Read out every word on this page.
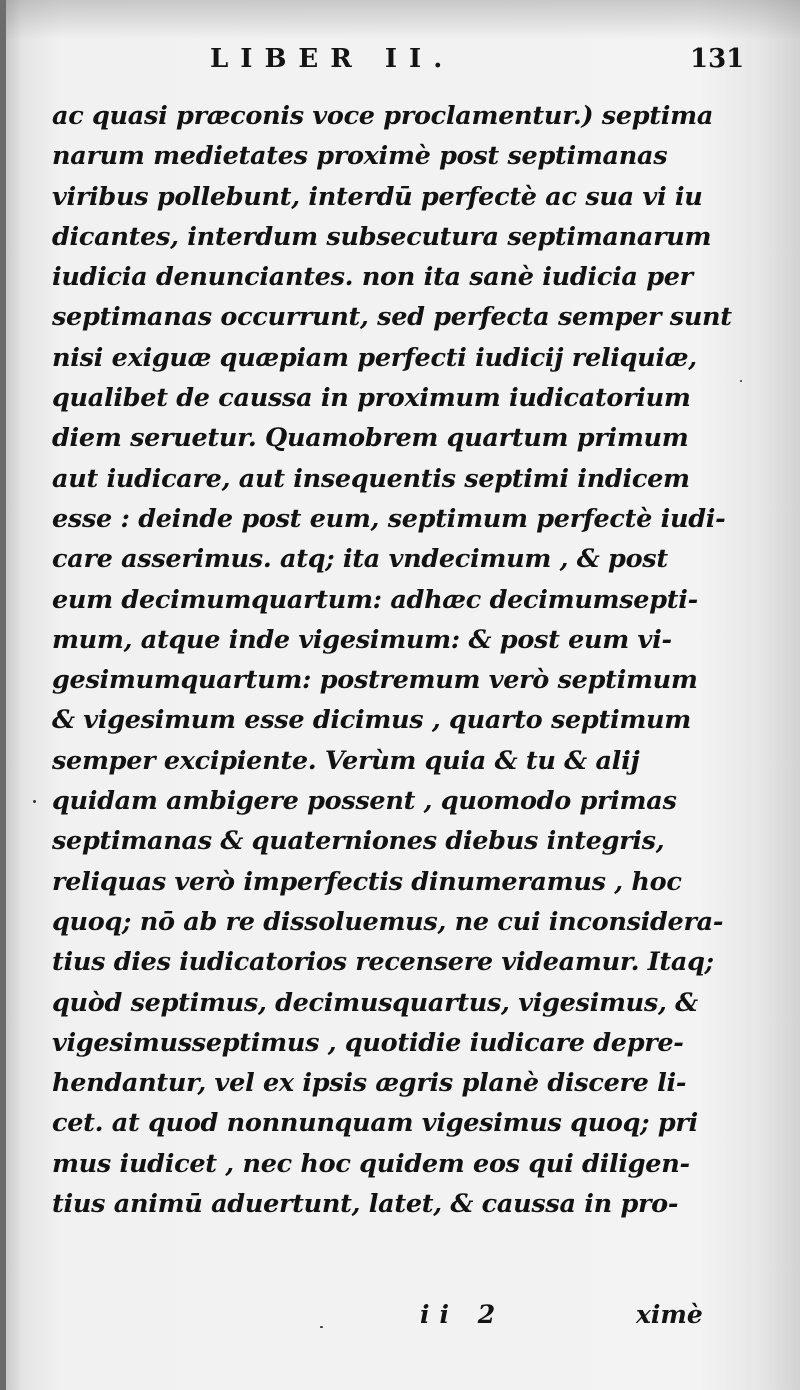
LIBER II.	131
ac quasi præconis voce proclamentur.) septima
narum medietates proximè post septimanas
viribus pollebunt, interdū perfectè ac sua vi iu
dicantes, interdum subsecutura septimanarum
iudicia denunciantes. non ita sanè iudicia per
septimanas occurrunt, sed perfecta semper sunt
nisi exiguæ quæpiam perfecti iudicij reliquiæ,
qualibet de caussa in proximum iudicatorium
diem seruetur. Quamobrem quartum primum
aut iudicare, aut insequentis septimi indicem
esse : deinde post eum, septimum perfectè iudi-
care asserimus. atq; ita vndecimum , & post
eum decimumquartum: adhæc decimumsepti-
mum, atque inde vigesimum: & post eum vi-
gesimumquartum: postremum verò septimum
& vigesimum esse dicimus , quarto septimum
semper excipiente. Verùm quia & tu & alij
quidam ambigere possent , quomodo primas
septimanas & quaterniones diebus integris,
reliquas verò imperfectis dinumeramus , hoc
quoq; nō ab re dissoluemus, ne cui inconsidera-
tius dies iudicatorios recensere videamur. Itaq;
quòd septimus, decimusquartus, vigesimus, &
vigesimusseptimus , quotidie iudicare depre-
hendantur, vel ex ipsis ægris planè discere li-
cet. at quod nonnunquam vigesimus quoq; pri
mus iudicet , nec hoc quidem eos qui diligen-
tius animū aduertunt, latet, & caussa in pro-
ii 2	ximè
